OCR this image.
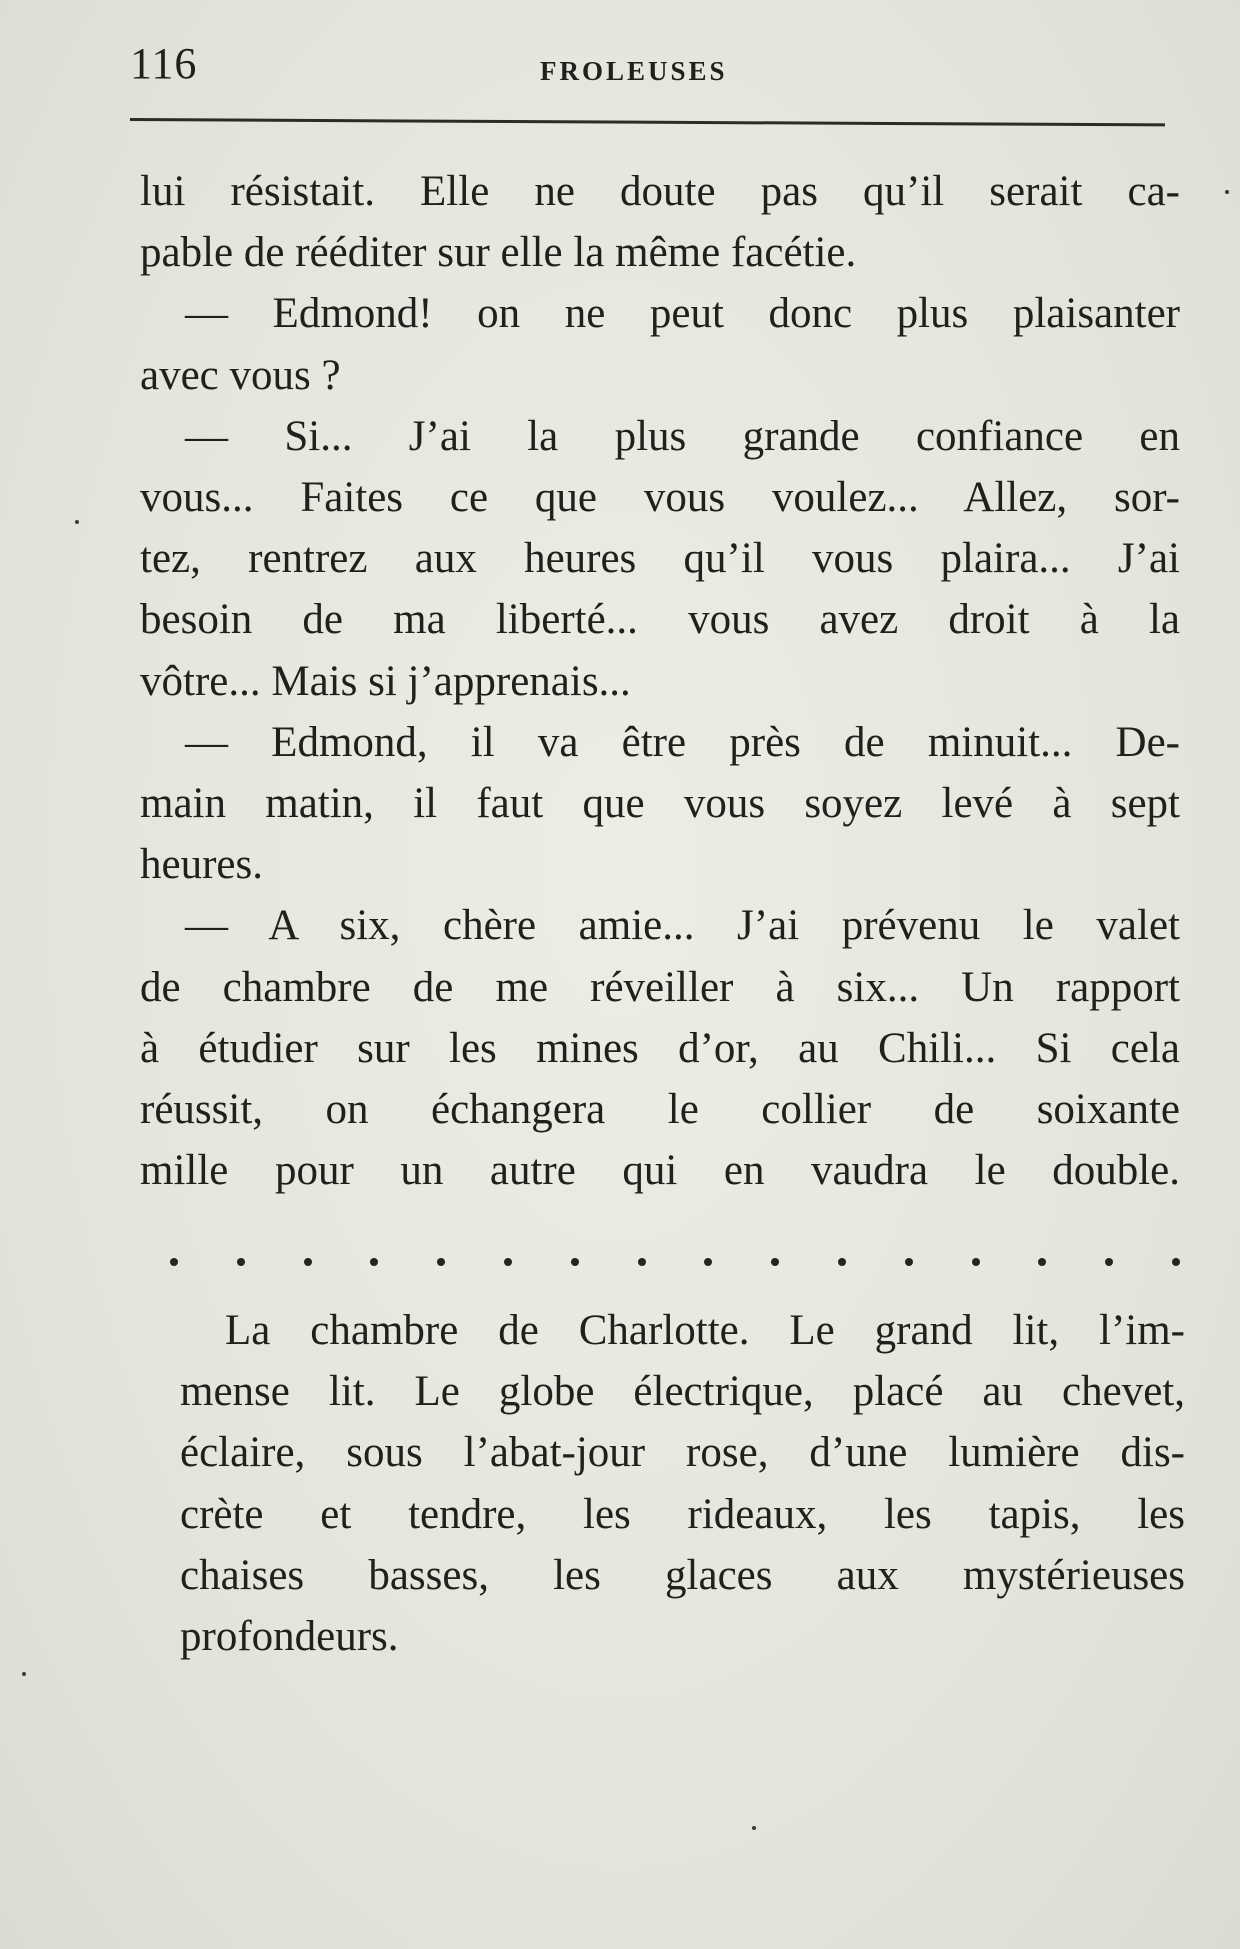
116	FROLEUSES
lui résistait. Elle ne doute pas qu’il serait ca-
pable de rééditer sur elle la même facétie.
— Edmond! on ne peut donc plus plaisanter
avec vous ?
— Si... J’ai la plus grande confiance en
vous... Faites ce que vous voulez... Allez, sor-
tez, rentrez aux heures qu’il vous plaira... J’ai
besoin de ma liberté... vous avez droit à la
vôtre... Mais si j’apprenais...
— Edmond, il va être près de minuit... De-
main matin, il faut que vous soyez levé à sept
heures.
— A six, chère amie... J’ai prévenu le valet
de chambre de me réveiller à six... Un rapport
à étudier sur les mines d’or, au Chili... Si cela
réussit, on échangera le collier de soixante
mille pour un autre qui en vaudra le double.
La chambre de Charlotte. Le grand lit, l’im-
mense lit. Le globe électrique, placé au chevet,
éclaire, sous l’abat-jour rose, d’une lumière dis-
crète et tendre, les rideaux, les tapis, les
chaises basses, les glaces aux mystérieuses
profondeurs.
